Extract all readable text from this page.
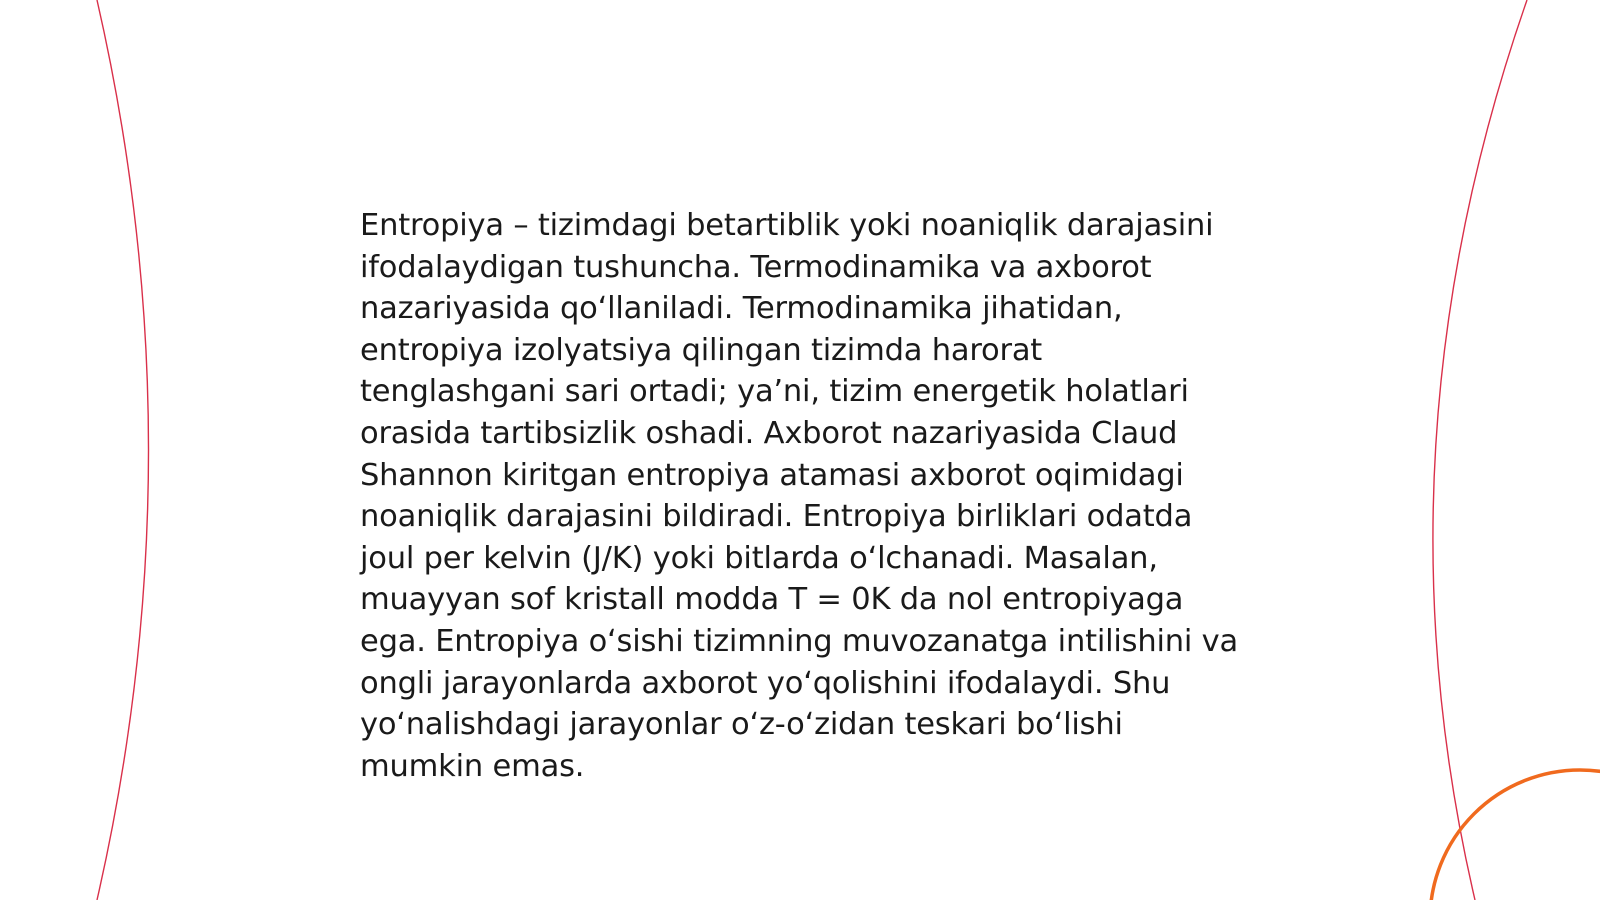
Entropiya – tizimdagi betartiblik yoki noaniqlik darajasini ifodalaydigan tushuncha. Termodinamika va axborot nazariyasida qo‘llaniladi. Termodinamika jihatidan, entropiya izolyatsiya qilingan tizimda harorat tenglashgani sari ortadi; ya’ni, tizim energetik holatlari orasida tartibsizlik oshadi. Axborot nazariyasida Claud Shannon kiritgan entropiya atamasi axborot oqimidagi noaniqlik darajasini bildiradi. Entropiya birliklari odatda joul per kelvin (J/K) yoki bitlarda o‘lchanadi. Masalan, muayyan sof kristall modda T = 0K da nol entropiyaga ega. Entropiya o‘sishi tizimning muvozanatga intilishini va ongli jarayonlarda axborot yo‘qolishini ifodalaydi. Shu yo‘nalishdagi jarayonlar o‘z-o‘zidan teskari bo‘lishi mumkin emas.
